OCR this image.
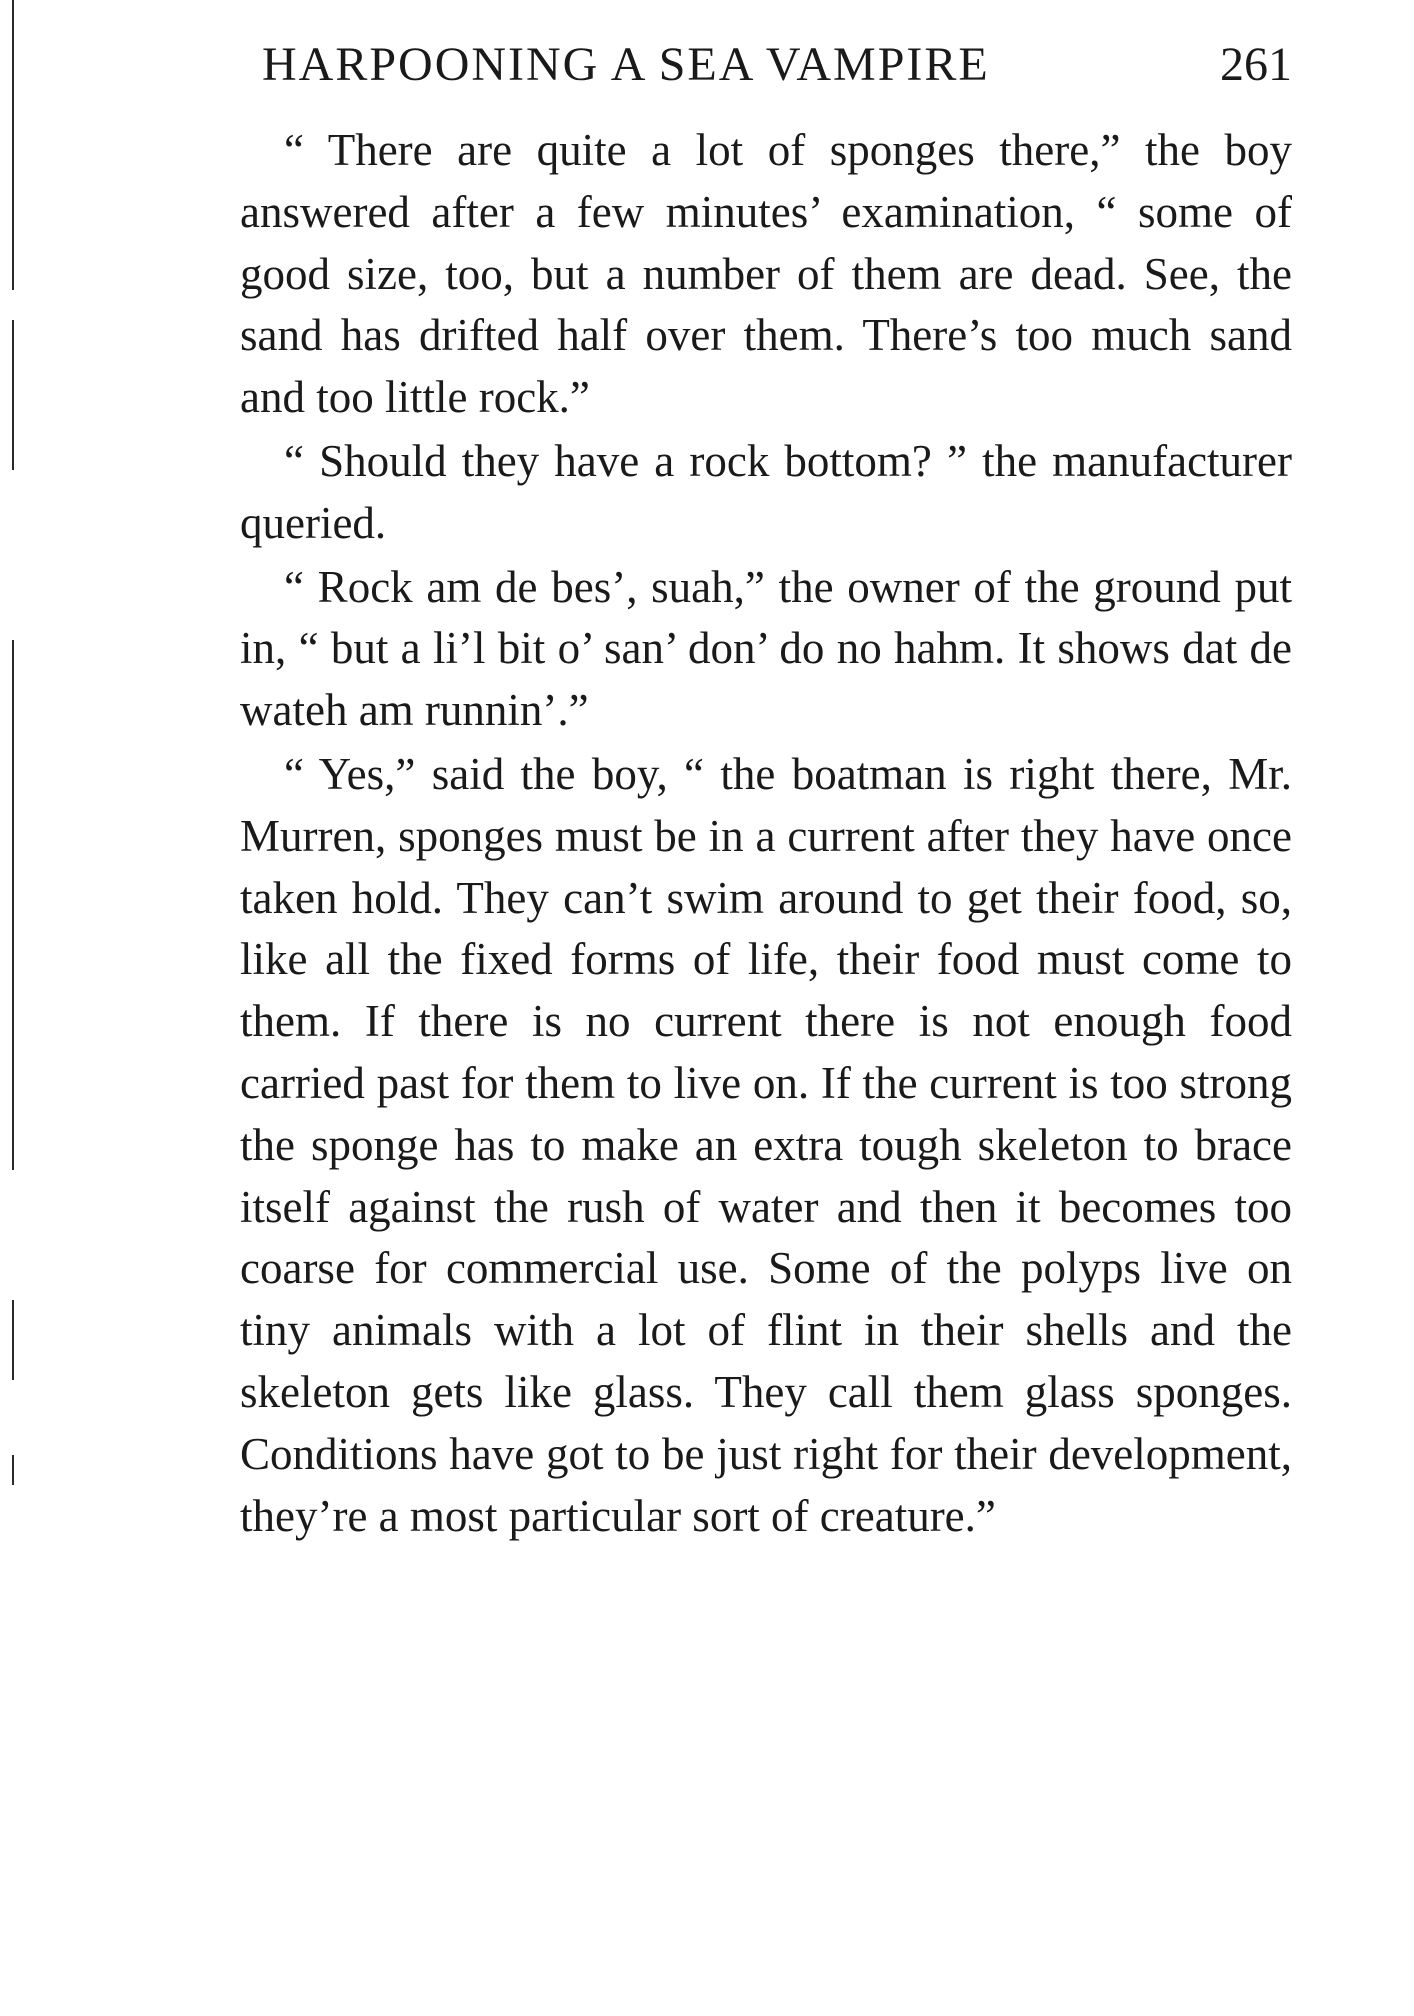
HARPOONING A SEA VAMPIRE	261

“ There are quite a lot of sponges there,” the boy answered after a few minutes’ examination, “ some of good size, too, but a number of them are dead. See, the sand has drifted half over them. There’s too much sand and too little rock.”

“ Should they have a rock bottom? ” the manufacturer queried.

“ Rock am de bes’, suah,” the owner of the ground put in, “ but a li’l bit o’ san’ don’ do no hahm. It shows dat de wateh am runnin’.”

“ Yes,” said the boy, “ the boatman is right there, Mr. Murren, sponges must be in a current after they have once taken hold. They can’t swim around to get their food, so, like all the fixed forms of life, their food must come to them. If there is no current there is not enough food carried past for them to live on. If the current is too strong the sponge has to make an extra tough skeleton to brace itself against the rush of water and then it becomes too coarse for commercial use. Some of the polyps live on tiny animals with a lot of flint in their shells and the skeleton gets like glass. They call them glass sponges. Conditions have got to be just right for their development, they’re a most particular sort of creature.”
